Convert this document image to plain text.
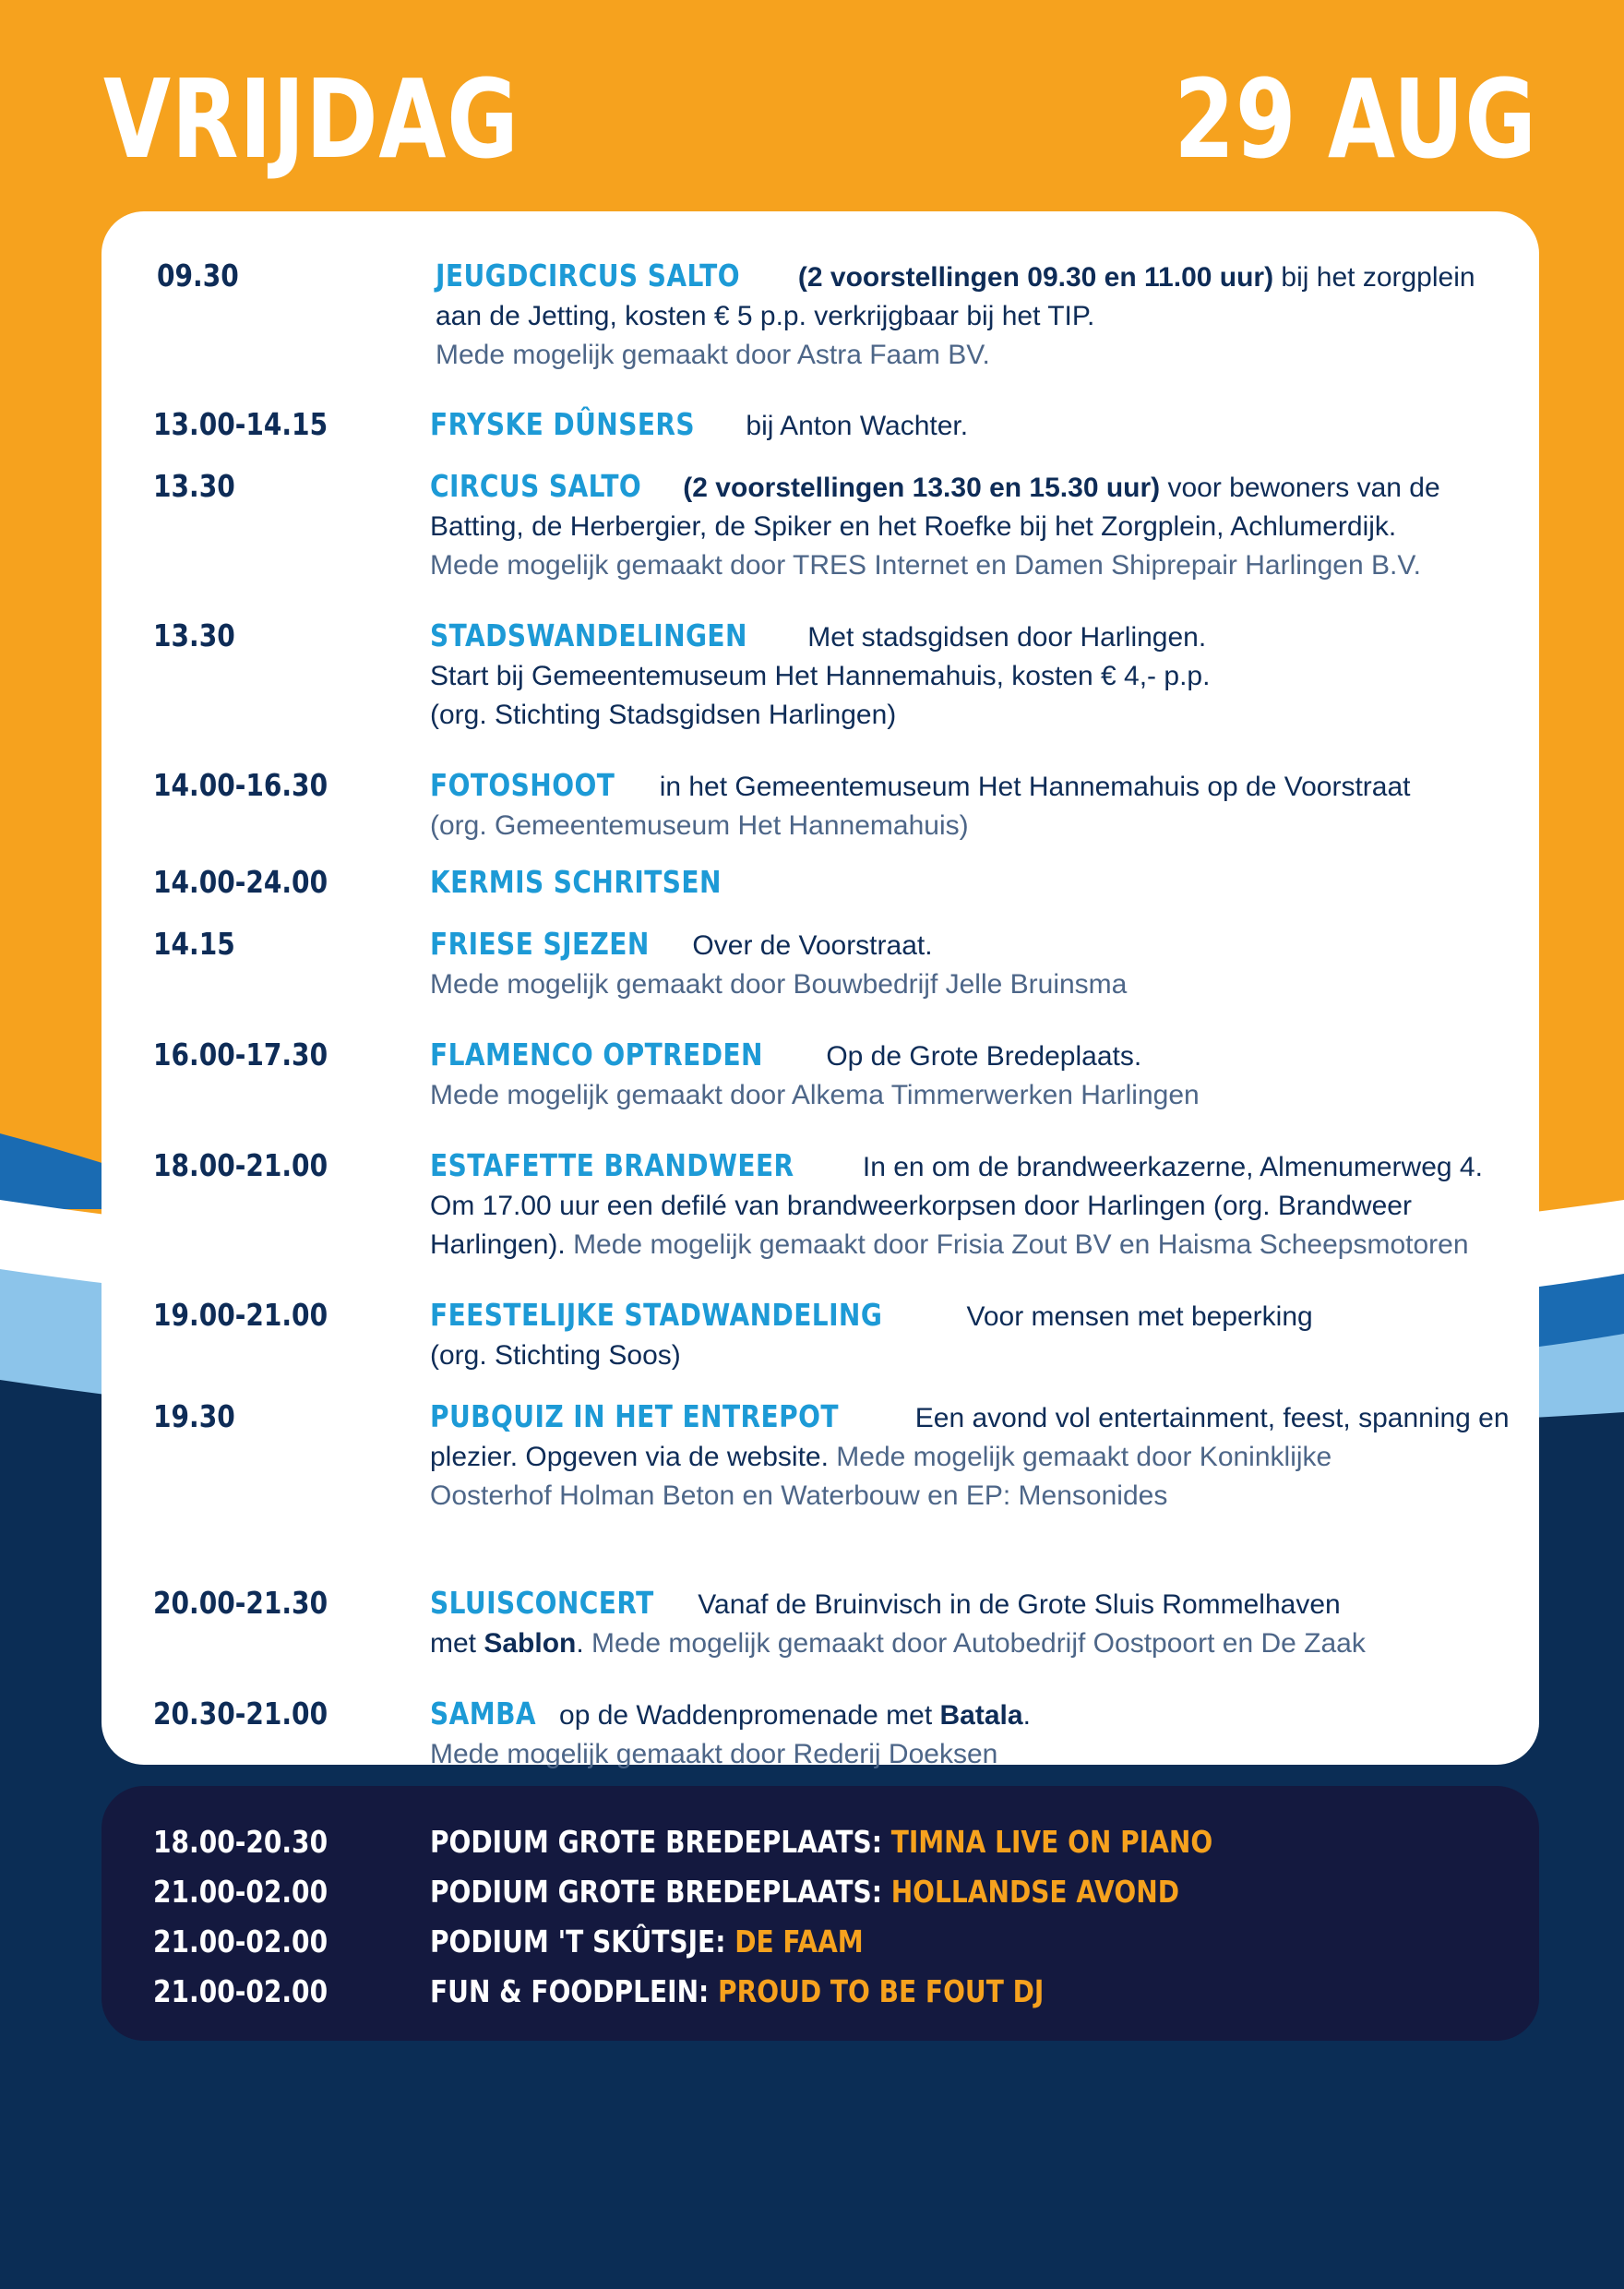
VRIJDAG	29 AUG
09.30	JEUGDCIRCUS SALTO (2 voorstellingen 09.30 en 11.00 uur) bij het zorgplein
aan de Jetting, kosten € 5 p.p. verkrijgbaar bij het TIP.
Mede mogelijk gemaakt door Astra Faam BV.
13.00-14.15	FRYSKE DÛNSERS bij Anton Wachter.
13.30	CIRCUS SALTO (2 voorstellingen 13.30 en 15.30 uur) voor bewoners van de
Batting, de Herbergier, de Spiker en het Roefke bij het Zorgplein, Achlumerdijk.
Mede mogelijk gemaakt door TRES Internet en Damen Shiprepair Harlingen B.V.
13.30	STADSWANDELINGEN Met stadsgidsen door Harlingen.
Start bij Gemeentemuseum Het Hannemahuis, kosten € 4,- p.p.
(org. Stichting Stadsgidsen Harlingen)
14.00-16.30	FOTOSHOOT in het Gemeentemuseum Het Hannemahuis op de Voorstraat
(org. Gemeentemuseum Het Hannemahuis)
14.00-24.00	KERMIS SCHRITSEN
14.15	FRIESE SJEZEN Over de Voorstraat.
Mede mogelijk gemaakt door Bouwbedrijf Jelle Bruinsma
16.00-17.30	FLAMENCO OPTREDEN Op de Grote Bredeplaats.
Mede mogelijk gemaakt door Alkema Timmerwerken Harlingen
18.00-21.00	ESTAFETTE BRANDWEER In en om de brandweerkazerne, Almenumerweg 4.
Om 17.00 uur een defilé van brandweerkorpsen door Harlingen (org. Brandweer
Harlingen). Mede mogelijk gemaakt door Frisia Zout BV en Haisma Scheepsmotoren
19.00-21.00	FEESTELIJKE STADWANDELING	Voor mensen met beperking
(org. Stichting Soos)
19.30	PUBQUIZ IN HET ENTREPOT	Een avond vol entertainment, feest, spanning en
plezier. Opgeven via de website. Mede mogelijk gemaakt door Koninklijke
Oosterhof Holman Beton en Waterbouw en EP: Mensonides
20.00-21.30	SLUISCONCERT Vanaf de Bruinvisch in de Grote Sluis Rommelhaven
met Sablon. Mede mogelijk gemaakt door Autobedrijf Oostpoort en De Zaak
20.30-21.00	SAMBA op de Waddenpromenade met Batala.
Mede mogelijk gemaakt door Rederij Doeksen
18.00-20.30	PODIUM GROTE BREDEPLAATS: TIMNA LIVE ON PIANO
21.00-02.00	PODIUM GROTE BREDEPLAATS: HOLLANDSE AVOND
21.00-02.00	PODIUM 'T SKÛTSJE: DE FAAM
21.00-02.00	FUN & FOODPLEIN: PROUD TO BE FOUT DJ
